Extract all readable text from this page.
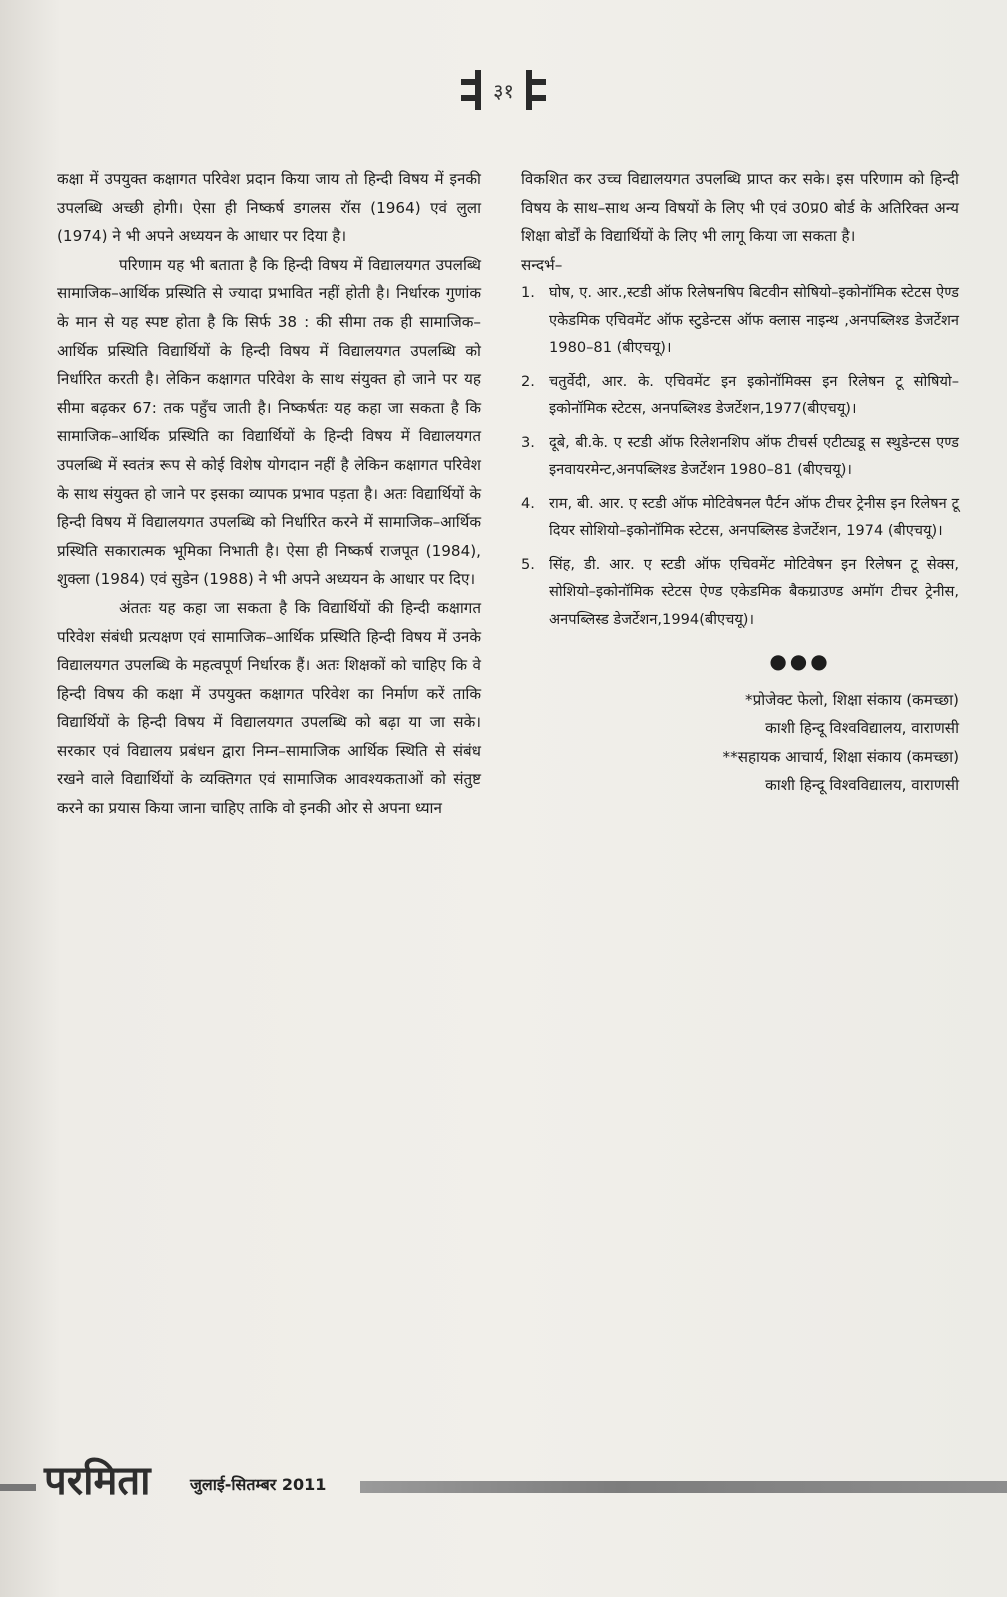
३१

कक्षा में उपयुक्त कक्षागत परिवेश प्रदान किया जाय तो हिन्दी विषय में इनकी उपलब्धि अच्छी होगी। ऐसा ही निष्कर्ष डगलस रॉस (1964) एवं लुला (1974) ने भी अपने अध्ययन के आधार पर दिया है।

परिणाम यह भी बताता है कि हिन्दी विषय में विद्यालयगत उपलब्धि सामाजिक–आर्थिक प्रस्थिति से ज्यादा प्रभावित नहीं होती है। निर्धारक गुणांक के मान से यह स्पष्ट होता है कि सिर्फ 38 : की सीमा तक ही सामाजिक–आर्थिक प्रस्थिति विद्यार्थियों के हिन्दी विषय में विद्यालयगत उपलब्धि को निर्धारित करती है। लेकिन कक्षागत परिवेश के साथ संयुक्त हो जाने पर यह सीमा बढ़कर 67: तक पहुँच जाती है। निष्कर्षतः यह कहा जा सकता है कि सामाजिक–आर्थिक प्रस्थिति का विद्यार्थियों के हिन्दी विषय में विद्यालयगत उपलब्धि में स्वतंत्र रूप से कोई विशेष योगदान नहीं है लेकिन कक्षागत परिवेश के साथ संयुक्त हो जाने पर इसका व्यापक प्रभाव पड़ता है। अतः विद्यार्थियों के हिन्दी विषय में विद्यालयगत उपलब्धि को निर्धारित करने में सामाजिक–आर्थिक प्रस्थिति सकारात्मक भूमिका निभाती है। ऐसा ही निष्कर्ष राजपूत (1984), शुक्ला (1984) एवं सुडेन (1988) ने भी अपने अध्ययन के आधार पर दिए।

अंततः यह कहा जा सकता है कि विद्यार्थियों की हिन्दी कक्षागत परिवेश संबंधी प्रत्यक्षण एवं सामाजिक–आर्थिक प्रस्थिति हिन्दी विषय में उनके विद्यालयगत उपलब्धि के महत्वपूर्ण निर्धारक हैं। अतः शिक्षकों को चाहिए कि वे हिन्दी विषय की कक्षा में उपयुक्त कक्षागत परिवेश का निर्माण करें ताकि विद्यार्थियों के हिन्दी विषय में विद्यालयगत उपलब्धि को बढ़ा या जा सके। सरकार एवं विद्यालय प्रबंधन द्वारा निम्न–सामाजिक आर्थिक स्थिति से संबंध रखने वाले विद्यार्थियों के व्यक्तिगत एवं सामाजिक आवश्यकताओं को संतुष्ट करने का प्रयास किया जाना चाहिए ताकि वो इनकी ओर से अपना ध्यान

विकशित कर उच्च विद्यालयगत उपलब्धि प्राप्त कर सके। इस परिणाम को हिन्दी विषय के साथ–साथ अन्य विषयों के लिए भी एवं उ0प्र0 बोर्ड के अतिरिक्त अन्य शिक्षा बोर्डों के विद्यार्थियों के लिए भी लागू किया जा सकता है।

सन्दर्भ–

1. घोष, ए. आर.,स्टडी ऑफ रिलेषनषिप बिटवीन सोषियो–इकोनॉमिक स्टेटस ऐण्ड एकेडमिक एचिवमेंट ऑफ स्टुडेन्टस ऑफ क्लास नाइन्थ ,अनपब्लिश्ड डेजर्टेशन 1980–81 (बीएचयू)।
2. चतुर्वेदी, आर. के. एचिवमेंट इन इकोनॉमिक्स इन रिलेषन टू सोषियो–इकोनॉमिक स्टेटस, अनपब्लिश्ड डेजर्टेशन,1977(बीएचयू)।
3. दूबे, बी.के. ए स्टडी ऑफ रिलेशनशिप ऑफ टीचर्स एटीट्यडू स स्थुडेन्टस एण्ड इनवायरमेन्ट,अनपब्लिश्ड डेजर्टेशन 1980–81 (बीएचयू)।
4. राम, बी. आर. ए स्टडी ऑफ मोटिवेषनल पैर्टन ऑफ टीचर ट्रेनीस इन रिलेषन टू दियर सोशियो–इकोनॉमिक स्टेटस, अनपब्लिस्ड डेजर्टेशन, 1974 (बीएचयू)।
5. सिंह, डी. आर. ए स्टडी ऑफ एचिवमेंट मोटिवेषन इन रिलेषन टू सेक्स, सोशियो–इकोनॉमिक स्टेटस ऐण्ड एकेडमिक बैकग्राउण्ड अमॉग टीचर ट्रेनीस, अनपब्लिस्ड डेजर्टेशन,1994(बीएचयू)।
●●●
*प्रोजेक्ट फेलो, शिक्षा संकाय (कमच्छा)
काशी हिन्दू विश्वविद्यालय, वाराणसी
**सहायक आचार्य, शिक्षा संकाय (कमच्छा)
काशी हिन्दू विश्वविद्यालय, वाराणसी
परमिता जुलाई-सितम्बर 2011
